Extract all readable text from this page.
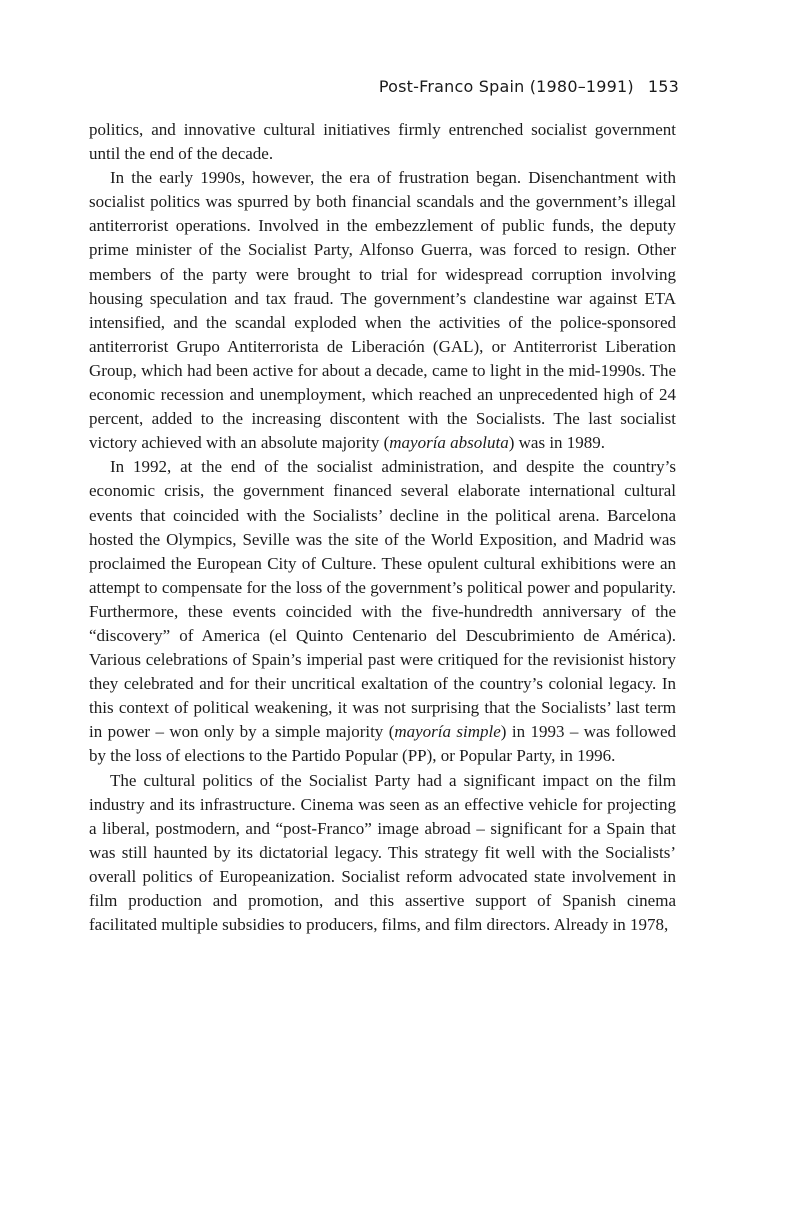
Post-Franco Spain (1980–1991) 153

politics, and innovative cultural initiatives firmly entrenched socialist government until the end of the decade.

In the early 1990s, however, the era of frustration began. Disenchantment with socialist politics was spurred by both financial scandals and the government’s illegal antiterrorist operations. Involved in the embezzlement of public funds, the deputy prime minister of the Socialist Party, Alfonso Guerra, was forced to resign. Other members of the party were brought to trial for widespread corruption involving housing speculation and tax fraud. The government’s clandestine war against ETA intensified, and the scandal exploded when the activities of the police-sponsored antiterrorist Grupo Antiterrorista de Liberación (GAL), or Antiterrorist Liberation Group, which had been active for about a decade, came to light in the mid-1990s. The economic recession and unemployment, which reached an unprecedented high of 24 percent, added to the increasing discontent with the Socialists. The last socialist victory achieved with an absolute majority (mayoría absoluta) was in 1989.

In 1992, at the end of the socialist administration, and despite the country’s economic crisis, the government financed several elaborate international cultural events that coincided with the Socialists’ decline in the political arena. Barcelona hosted the Olympics, Seville was the site of the World Exposition, and Madrid was proclaimed the European City of Culture. These opulent cultural exhibitions were an attempt to compensate for the loss of the government’s political power and popularity. Furthermore, these events coincided with the five-hundredth anniversary of the “discovery” of America (el Quinto Centenario del Descubrimiento de América). Various celebrations of Spain’s imperial past were critiqued for the revisionist history they celebrated and for their uncritical exaltation of the country’s colonial legacy. In this context of political weakening, it was not surprising that the Socialists’ last term in power – won only by a simple majority (mayoría simple) in 1993 – was followed by the loss of elections to the Partido Popular (PP), or Popular Party, in 1996.

The cultural politics of the Socialist Party had a significant impact on the film industry and its infrastructure. Cinema was seen as an effective vehicle for projecting a liberal, postmodern, and “post-Franco” image abroad – significant for a Spain that was still haunted by its dictatorial legacy. This strategy fit well with the Socialists’ overall politics of Europeanization. Socialist reform advocated state involvement in film production and promotion, and this assertive support of Spanish cinema facilitated multiple subsidies to producers, films, and film directors. Already in 1978,
